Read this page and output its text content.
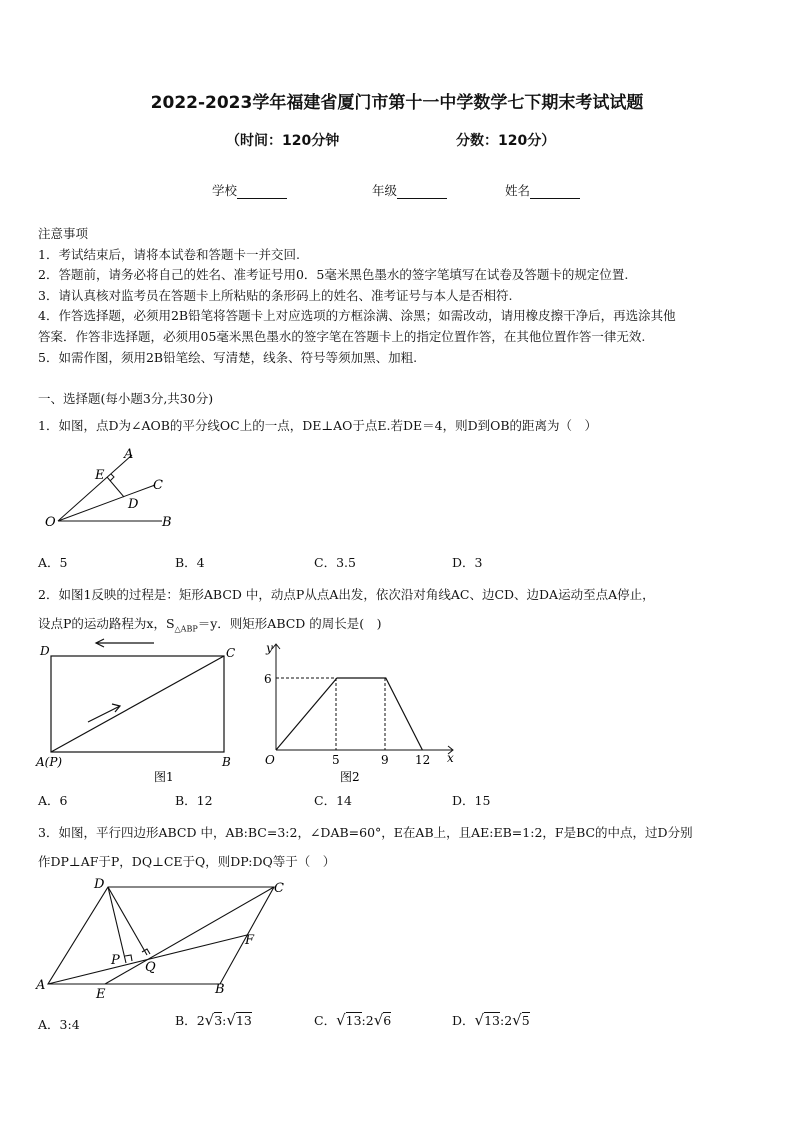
2022-2023学年福建省厦门市第十一中学数学七下期末考试试题
（时间：120分钟	分数：120分）
学校	年级	姓名
注意事项
1．考试结束后，请将本试卷和答题卡一并交回.
2．答题前，请务必将自己的姓名、准考证号用0．5毫米黑色墨水的签字笔填写在试卷及答题卡的规定位置.
3．请认真核对监考员在答题卡上所粘贴的条形码上的姓名、准考证号与本人是否相符.
4．作答选择题，必须用2B铅笔将答题卡上对应选项的方框涂满、涂黑；如需改动，请用橡皮擦干净后，再选涂其他
答案．作答非选择题，必须用05毫米黑色墨水的签字笔在答题卡上的指定位置作答，在其他位置作答一律无效.
5．如需作图，须用2B铅笔绘、写清楚，线条、符号等须加黑、加粗.
一、选择题(每小题3分,共30分)
1．如图，点D为∠AOB的平分线OC上的一点，DE⊥AO于点E.若DE＝4，则D到OB的距离为（　）
A
E
C
D
O	B
A．5	B．4	C．3.5	D．3
2．如图1反映的过程是：矩形ABCD 中，动点P从点A出发，依次沿对角线AC、边CD、边DA运动至点A停止，
设点P的运动路程为x，$S_{\triangle ABP}=y$．则矩形ABCD 的周长是(　)
D	C
A(P)	B
图1
y
x
O
6
5	9 12
图2
A．6	B．12	C．14	D．15
3．如图，平行四边形ABCD 中，AB:BC=3:2，∠DAB=60°，E在AB上，且AE:EB=1:2，F是BC的中点，过D分别
作DP⊥AF于P，DQ⊥CE于Q，则DP:DQ等于（　）
D	C
F
P Q
A
E	B
A．3:4	B．2√3:√13	C．√13:2√6	D．√13:2√5
